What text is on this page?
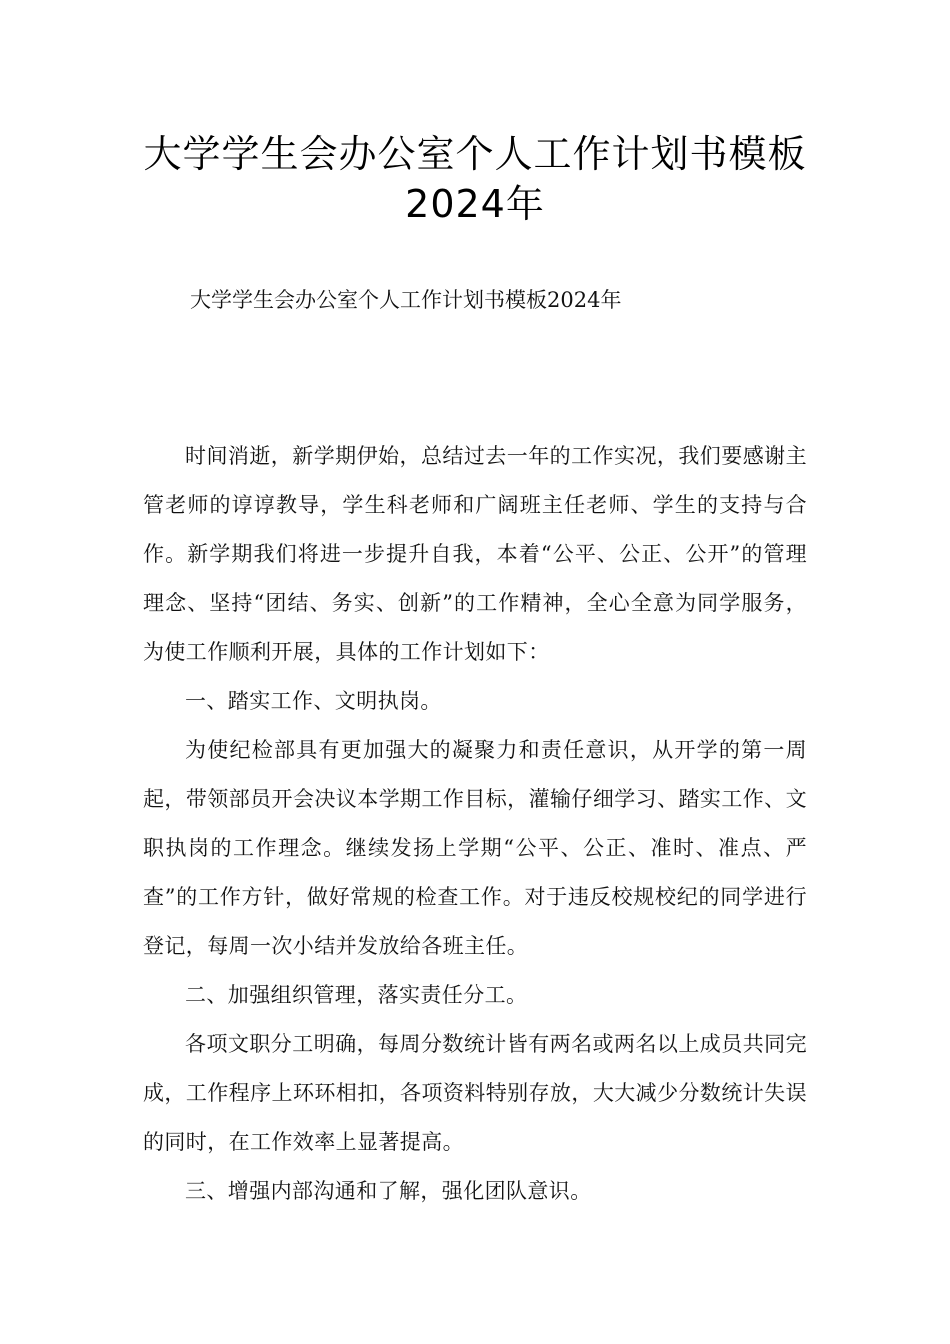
大学学生会办公室个人工作计划书模板
2024年
大学学生会办公室个人工作计划书模板2024年

时间消逝，新学期伊始，总结过去一年的工作实况，我们要感谢主管老师的谆谆教导，学生科老师和广阔班主任老师、学生的支持与合作。新学期我们将进一步提升自我，本着“公平、公正、公开”的管理理念、坚持“团结、务实、创新”的工作精神，全心全意为同学服务，为使工作顺利开展，具体的工作计划如下：

一、踏实工作、文明执岗。

为使纪检部具有更加强大的凝聚力和责任意识，从开学的第一周起，带领部员开会决议本学期工作目标，灌输仔细学习、踏实工作、文职执岗的工作理念。继续发扬上学期“公平、公正、准时、准点、严查”的工作方针，做好常规的检查工作。对于违反校规校纪的同学进行登记，每周一次小结并发放给各班主任。

二、加强组织管理，落实责任分工。

各项文职分工明确，每周分数统计皆有两名或两名以上成员共同完成，工作程序上环环相扣，各项资料特别存放，大大减少分数统计失误的同时，在工作效率上显著提高。

三、增强内部沟通和了解，强化团队意识。
